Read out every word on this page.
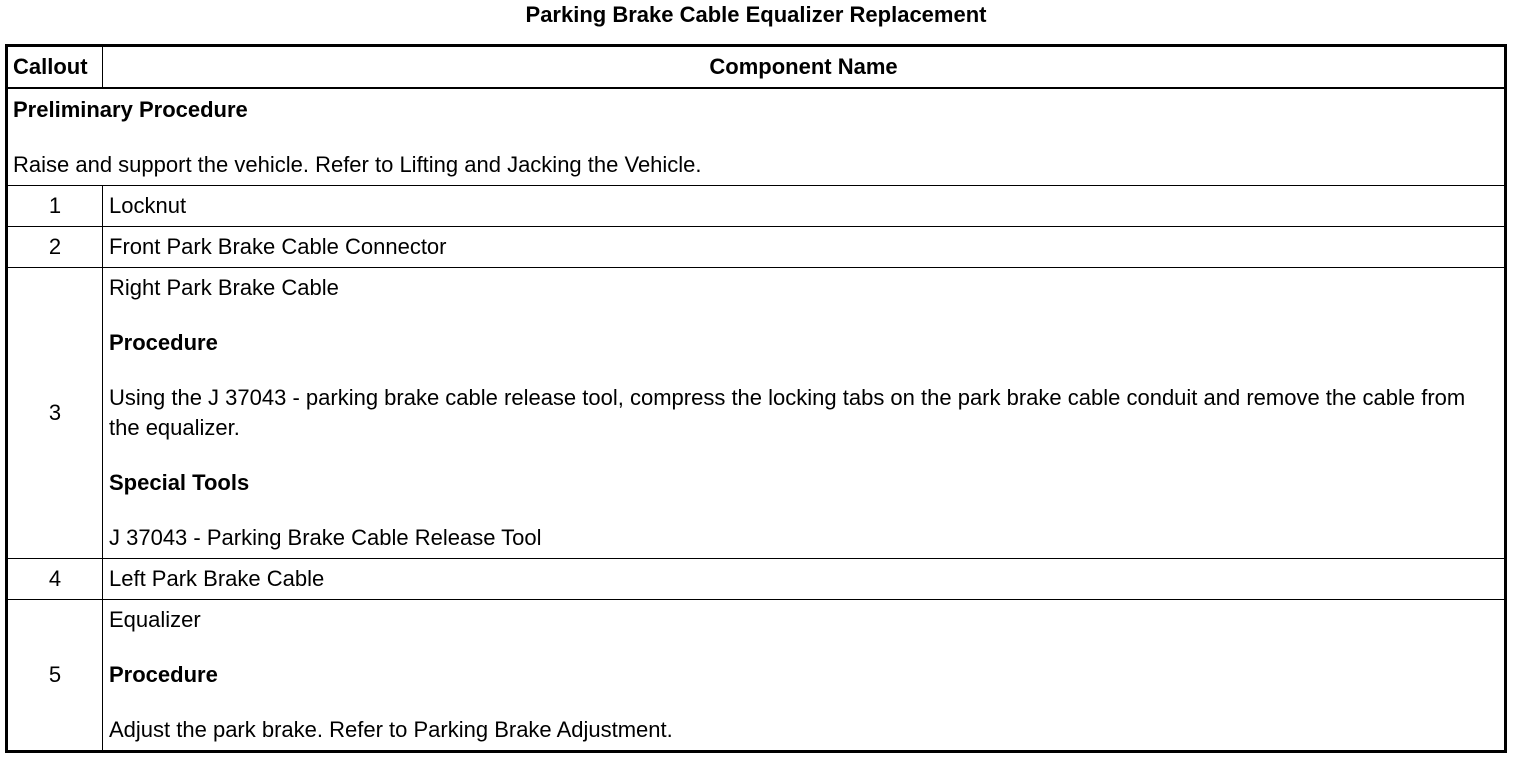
Parking Brake Cable Equalizer Replacement
Callout	Component Name

Preliminary Procedure

Raise and support the vehicle. Refer to Lifting and Jacking the Vehicle.	

1	Locknut
2	Front Park Brake Cable Connector
3	Right Park Brake Cable

Procedure

Using the J 37043 - parking brake cable release tool, compress the locking tabs on the park brake cable conduit and remove the cable from the equalizer.

Special Tools

J 37043 - Parking Brake Cable Release Tool

4	Left Park Brake Cable
5	Equalizer

Procedure

Adjust the park brake. Refer to Parking Brake Adjustment.
